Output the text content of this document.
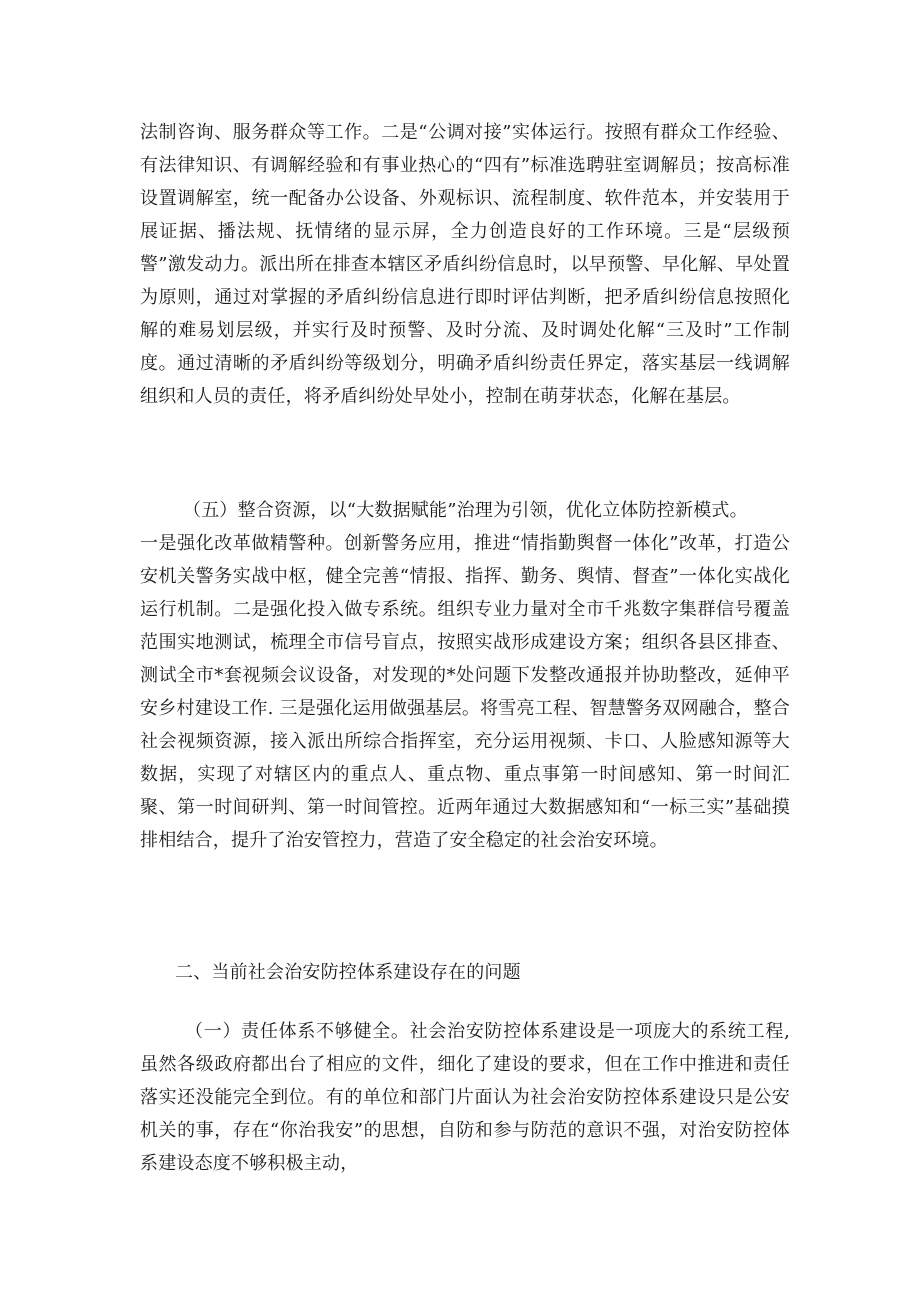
法制咨询、服务群众等工作。二是“公调对接”实体运行。按照有群众工作经验、有法律知识、有调解经验和有事业热心的“四有”标准选聘驻室调解员；按高标准设置调解室，统一配备办公设备、外观标识、流程制度、软件范本，并安装用于展证据、播法规、抚情绪的显示屏，全力创造良好的工作环境。三是“层级预警”激发动力。派出所在排查本辖区矛盾纠纷信息时，以早预警、早化解、早处置为原则，通过对掌握的矛盾纠纷信息进行即时评估判断，把矛盾纠纷信息按照化解的难易划层级，并实行及时预警、及时分流、及时调处化解“三及时”工作制度。通过清晰的矛盾纠纷等级划分，明确矛盾纠纷责任界定，落实基层一线调解组织和人员的责任，将矛盾纠纷处早处小，控制在萌芽状态，化解在基层。

（五）整合资源，以“大数据赋能”治理为引领，优化立体防控新模式。

一是强化改革做精警种。创新警务应用，推进“情指勤舆督一体化”改革，打造公安机关警务实战中枢，健全完善“情报、指挥、勤务、舆情、督查”一体化实战化运行机制。二是强化投入做专系统。组织专业力量对全市千兆数字集群信号覆盖范围实地测试，梳理全市信号盲点，按照实战形成建设方案；组织各县区排查、测试全市*套视频会议设备，对发现的*处问题下发整改通报并协助整改，延伸平安乡村建设工作. 三是强化运用做强基层。将雪亮工程、智慧警务双网融合，整合社会视频资源，接入派出所综合指挥室，充分运用视频、卡口、人脸感知源等大数据，实现了对辖区内的重点人、重点物、重点事第一时间感知、第一时间汇聚、第一时间研判、第一时间管控。近两年通过大数据感知和“一标三实”基础摸排相结合，提升了治安管控力，营造了安全稳定的社会治安环境。

二、当前社会治安防控体系建设存在的问题

（一）责任体系不够健全。社会治安防控体系建设是一项庞大的系统工程, 虽然各级政府都出台了相应的文件，细化了建设的要求，但在工作中推进和责任落实还没能完全到位。有的单位和部门片面认为社会治安防控体系建设只是公安机关的事，存在“你治我安”的思想，自防和参与防范的意识不强，对治安防控体系建设态度不够积极主动，
